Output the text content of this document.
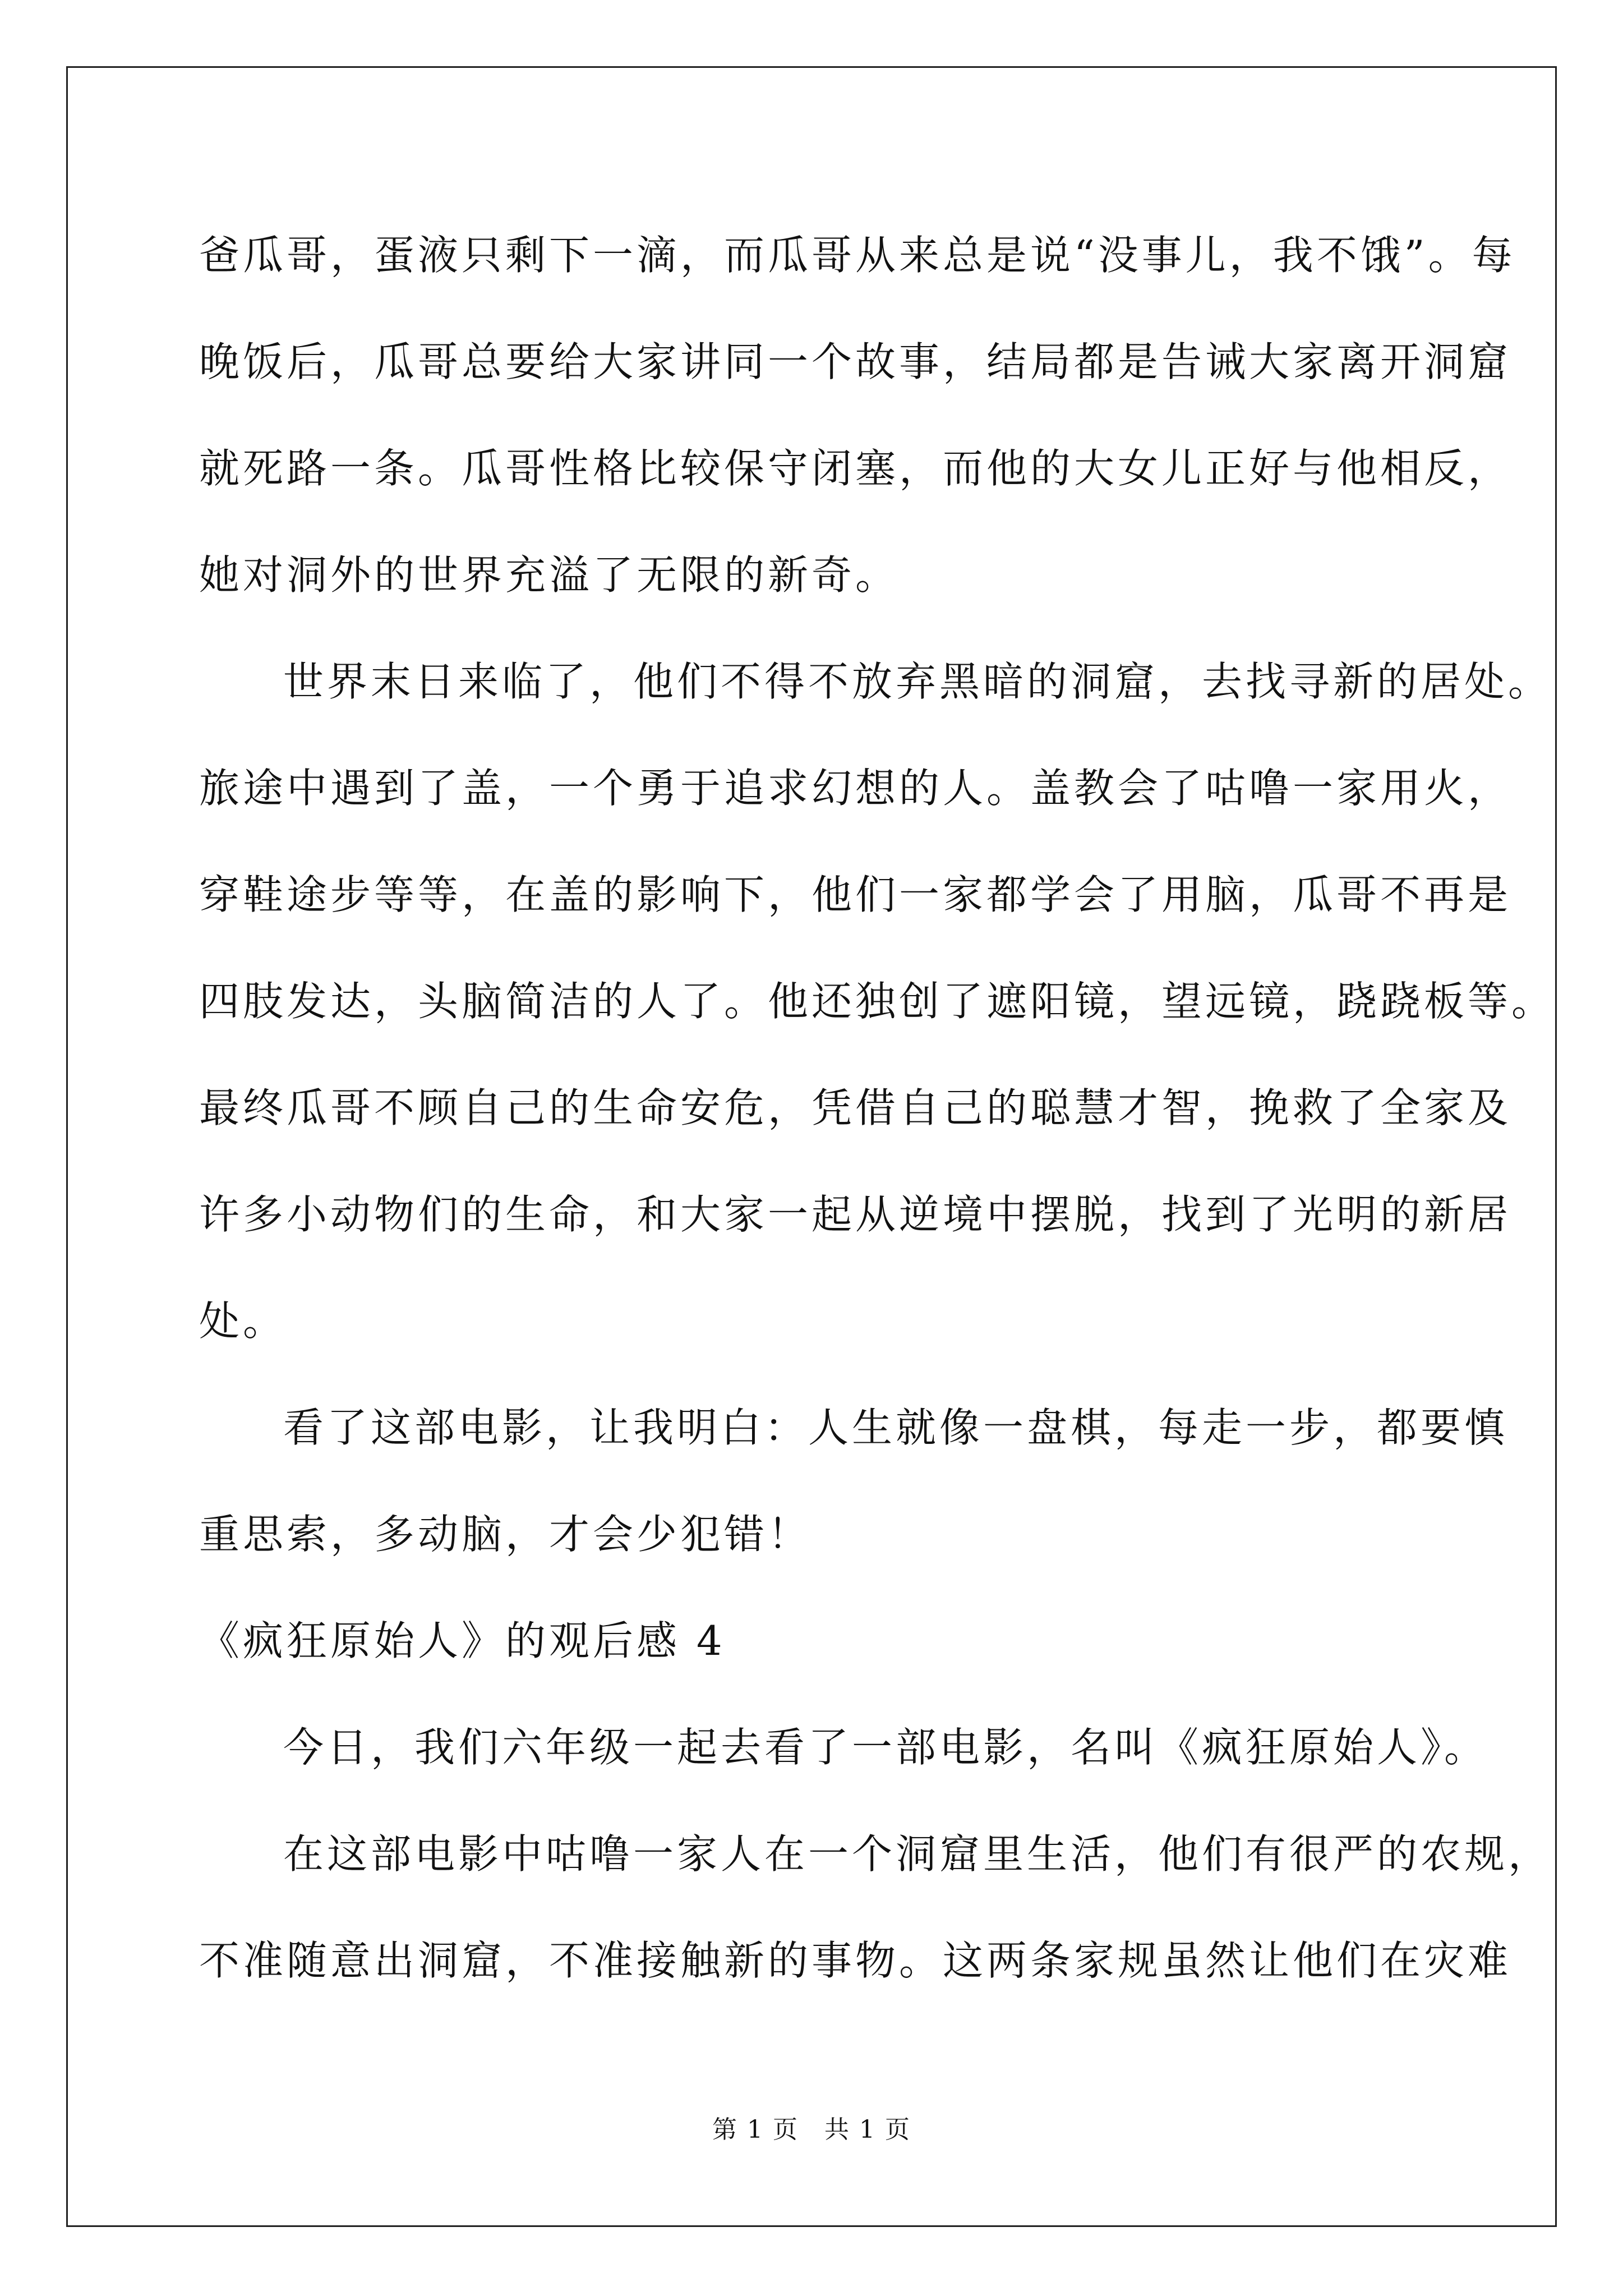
爸瓜哥，蛋液只剩下一滴，而瓜哥从来总是说“没事儿，我不饿”。每
晚饭后，瓜哥总要给大家讲同一个故事，结局都是告诫大家离开洞窟
就死路一条。瓜哥性格比较保守闭塞，而他的大女儿正好与他相反，
她对洞外的世界充溢了无限的新奇。
世界末日来临了，他们不得不放弃黑暗的洞窟，去找寻新的居处。
旅途中遇到了盖，一个勇于追求幻想的人。盖教会了咕噜一家用火，
穿鞋途步等等，在盖的影响下，他们一家都学会了用脑，瓜哥不再是
四肢发达，头脑简洁的人了。他还独创了遮阳镜，望远镜，跷跷板等。
最终瓜哥不顾自己的生命安危，凭借自己的聪慧才智，挽救了全家及
许多小动物们的生命，和大家一起从逆境中摆脱，找到了光明的新居
处。
看了这部电影，让我明白：人生就像一盘棋，每走一步，都要慎
重思索，多动脑，才会少犯错！
《疯狂原始人》的观后感 4
今日，我们六年级一起去看了一部电影，名叫《疯狂原始人》。
在这部电影中咕噜一家人在一个洞窟里生活，他们有很严的农规，
不准随意出洞窟，不准接触新的事物。这两条家规虽然让他们在灾难
第 1 页　共 1 页
